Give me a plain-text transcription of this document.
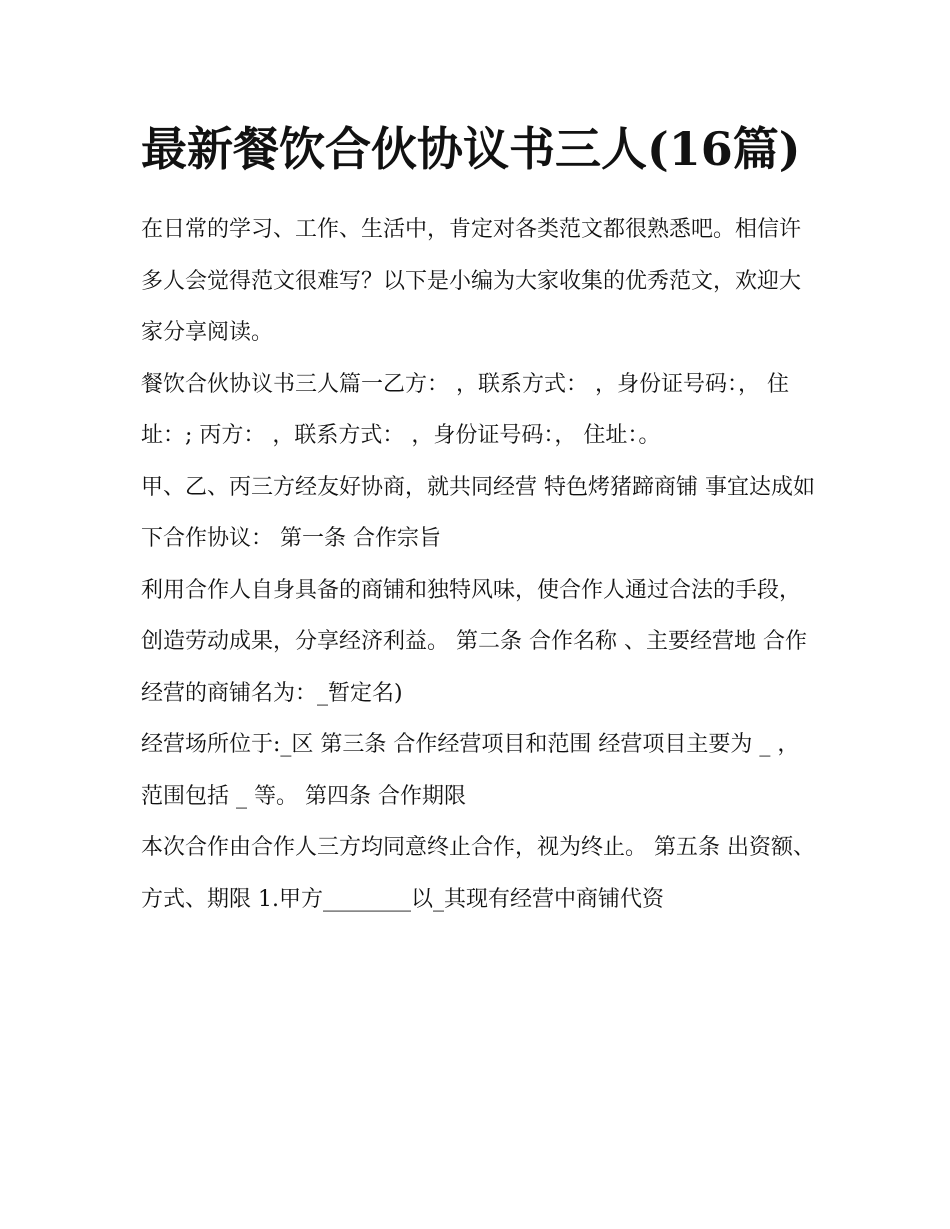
最新餐饮合伙协议书三人(16篇)

在日常的学习、工作、生活中，肯定对各类范文都很熟悉吧。相信许多人会觉得范文很难写？以下是小编为大家收集的优秀范文，欢迎大家分享阅读。

餐饮合伙协议书三人篇一乙方： ，联系方式： ，身份证号码：， 住址：; 丙方： ，联系方式： ，身份证号码：， 住址：。

甲、乙、丙三方经友好协商，就共同经营 特色烤猪蹄商铺 事宜达成如下合作协议： 第一条 合作宗旨

利用合作人自身具备的商铺和独特风味，使合作人通过合法的手段，创造劳动成果，分享经济利益。 第二条 合作名称 、主要经营地 合作经营的商铺名为：_暂定名)

经营场所位于:_区 第三条 合作经营项目和范围 经营项目主要为 _ ，范围包括 _ 等。 第四条 合作期限

本次合作由合作人三方均同意终止合作，视为终止。 第五条 出资额、方式、期限 1.甲方________以_其现有经营中商铺代资
